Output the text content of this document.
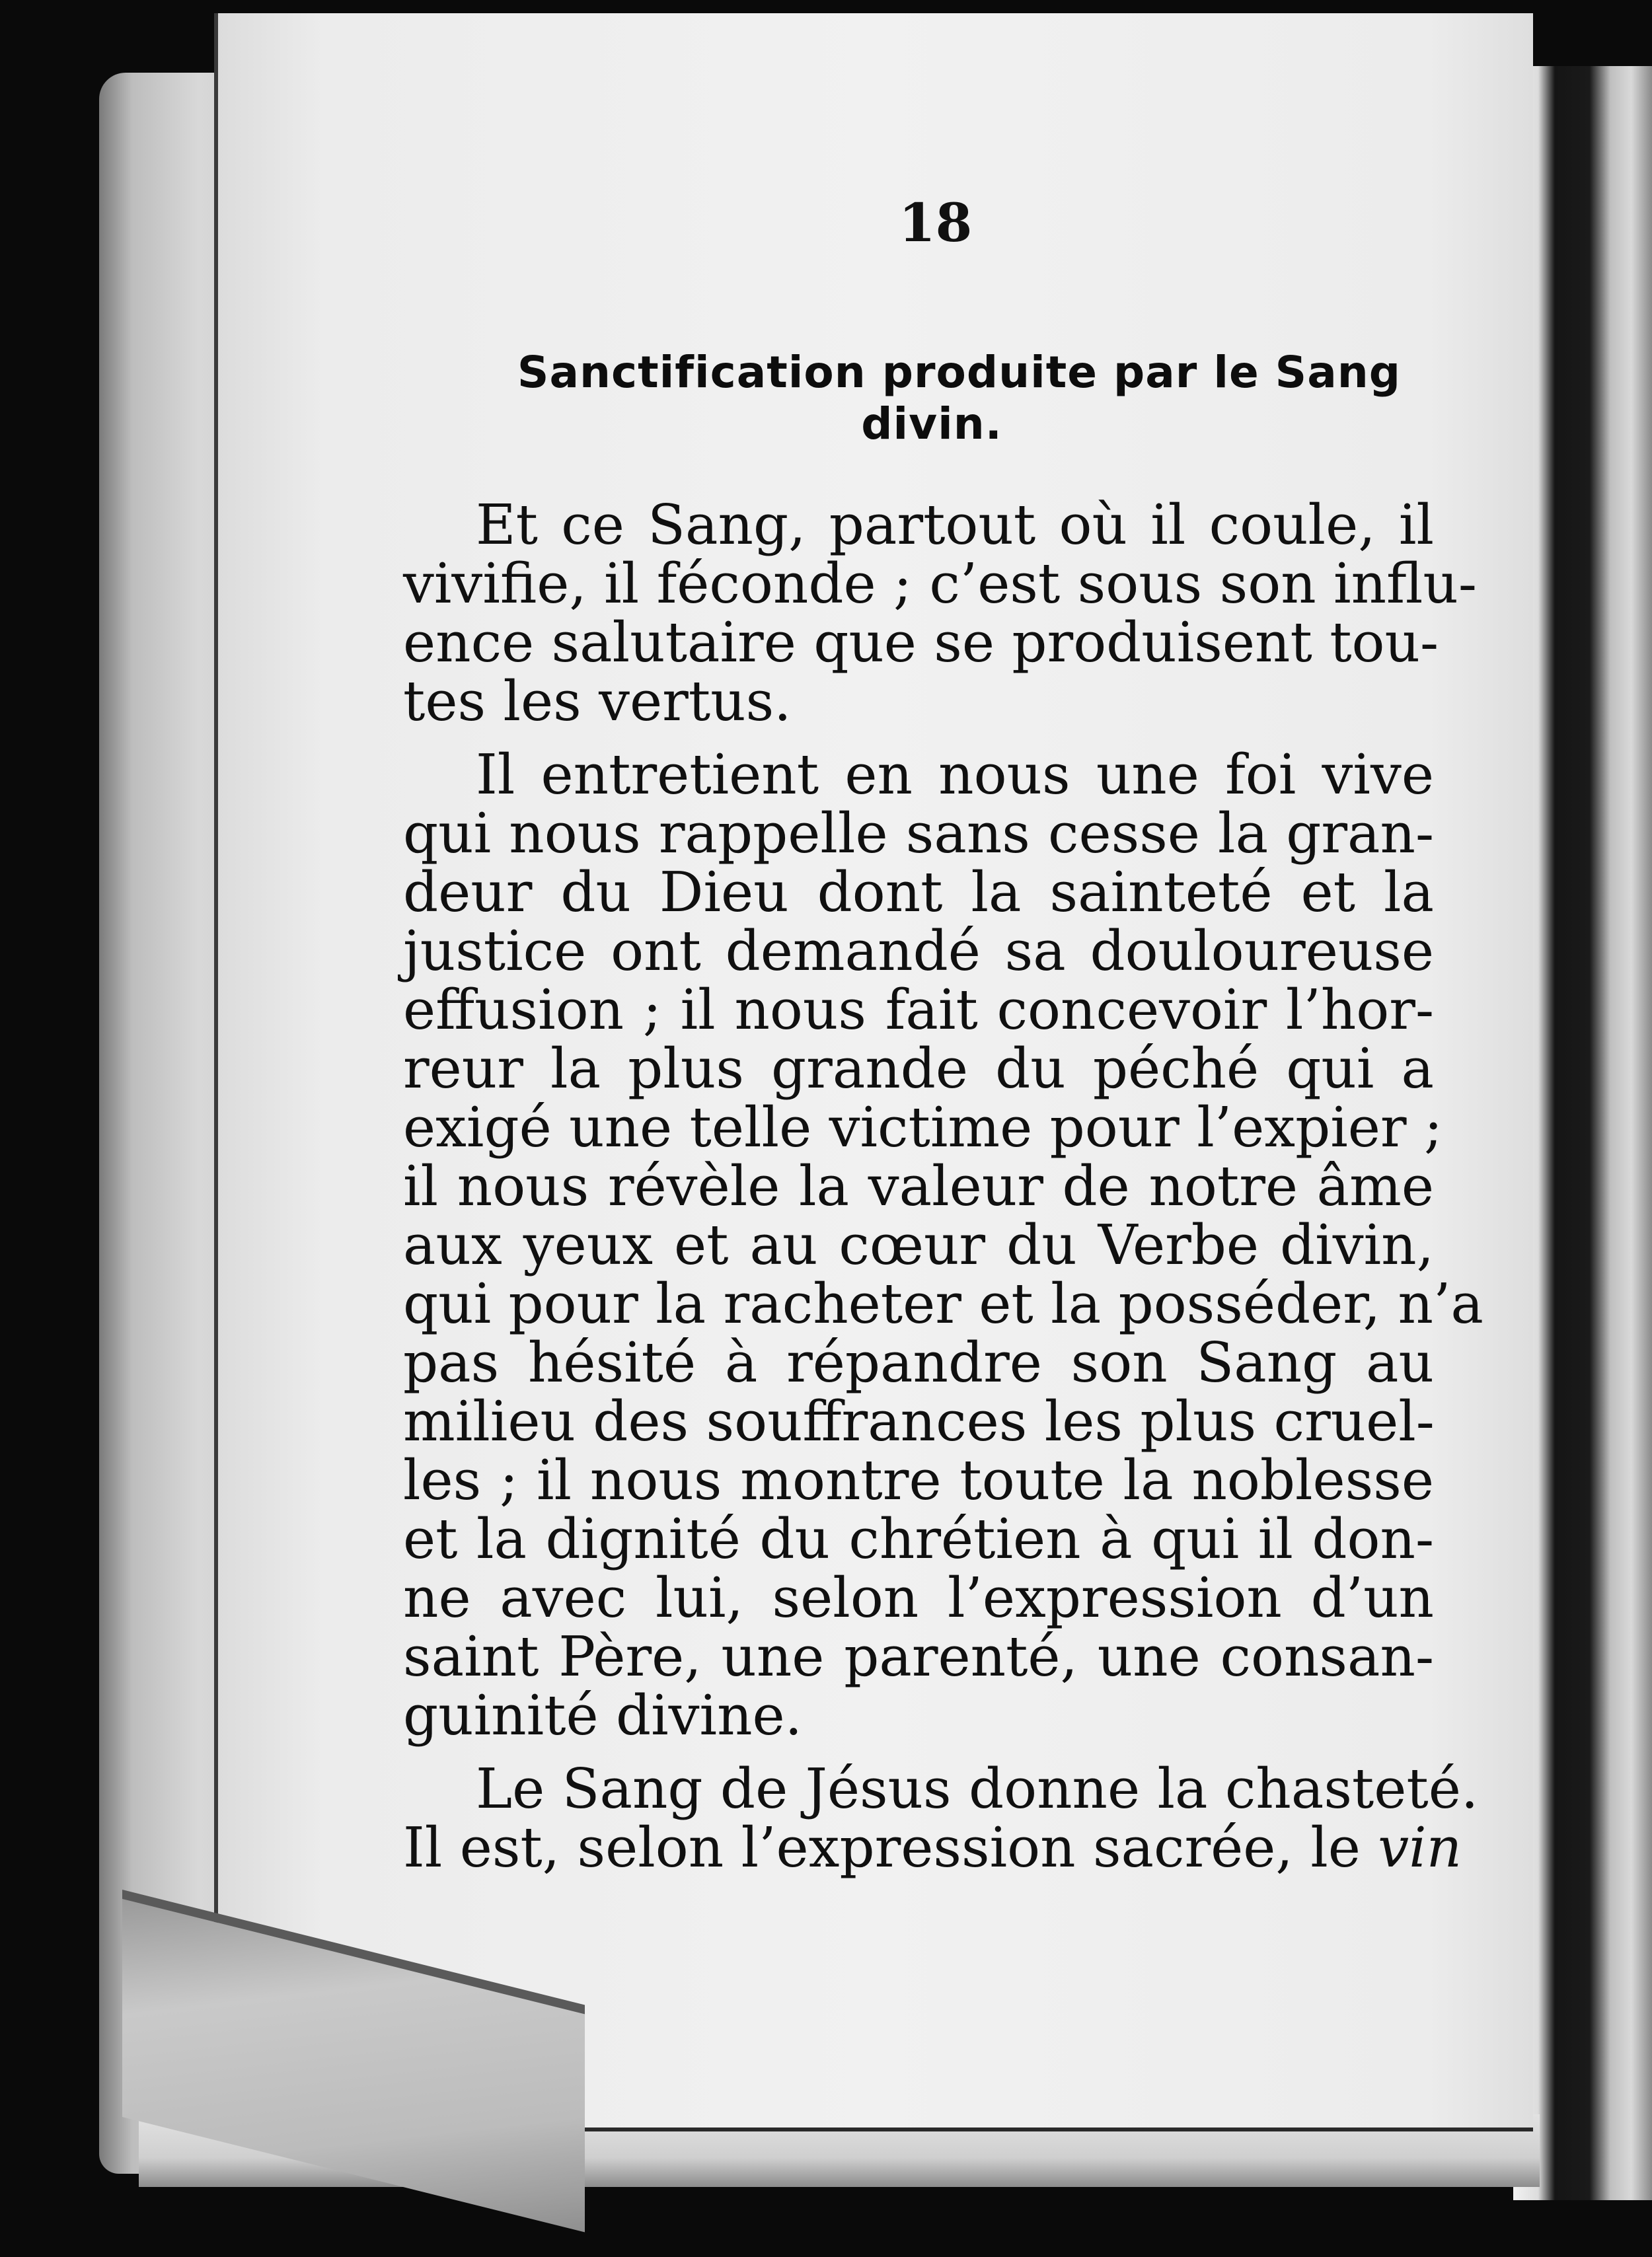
18
Sanctification produite par le Sang
divin.
Et ce Sang, partout où il coule, il
vivifie, il féconde ; c’est sous son influ-
ence salutaire que se produisent tou-
tes les vertus.
Il entretient en nous une foi vive
qui nous rappelle sans cesse la gran-
deur du Dieu dont la sainteté et la
justice ont demandé sa douloureuse
effusion ; il nous fait concevoir l’hor-
reur la plus grande du péché qui a
exigé une telle victime pour l’expier ;
il nous révèle la valeur de notre âme
aux yeux et au cœur du Verbe divin,
qui pour la racheter et la posséder, n’a
pas hésité à répandre son Sang au
milieu des souffrances les plus cruel-
les ; il nous montre toute la noblesse
et la dignité du chrétien à qui il don-
ne avec lui, selon l’expression d’un
saint Père, une parenté, une consan-
guinité divine.
Le Sang de Jésus donne la chasteté.
Il est, selon l’expression sacrée, le vin
